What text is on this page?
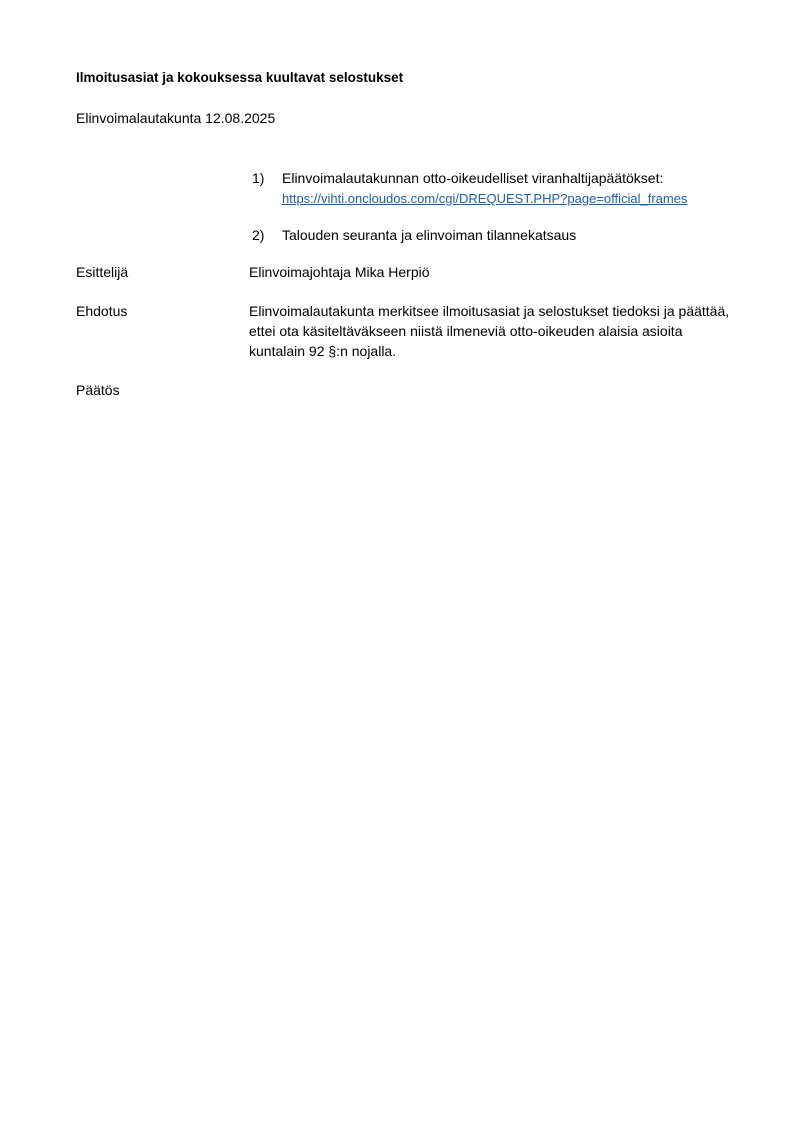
Ilmoitusasiat ja kokouksessa kuultavat selostukset
Elinvoimalautakunta 12.08.2025
1)	Elinvoimalautakunnan otto-oikeudelliset viranhaltijapäätökset:
https://vihti.oncloudos.com/cgi/DREQUEST.PHP?page=official_frames
2)	Talouden seuranta ja elinvoiman tilannekatsaus
Esittelijä	Elinvoimajohtaja Mika Herpiö
Ehdotus	Elinvoimalautakunta merkitsee ilmoitusasiat ja selostukset tiedoksi ja päättää, ettei ota käsiteltäväkseen niistä ilmeneviä otto-oikeuden alaisia asioita kuntalain 92 §:n nojalla.
Päätös
